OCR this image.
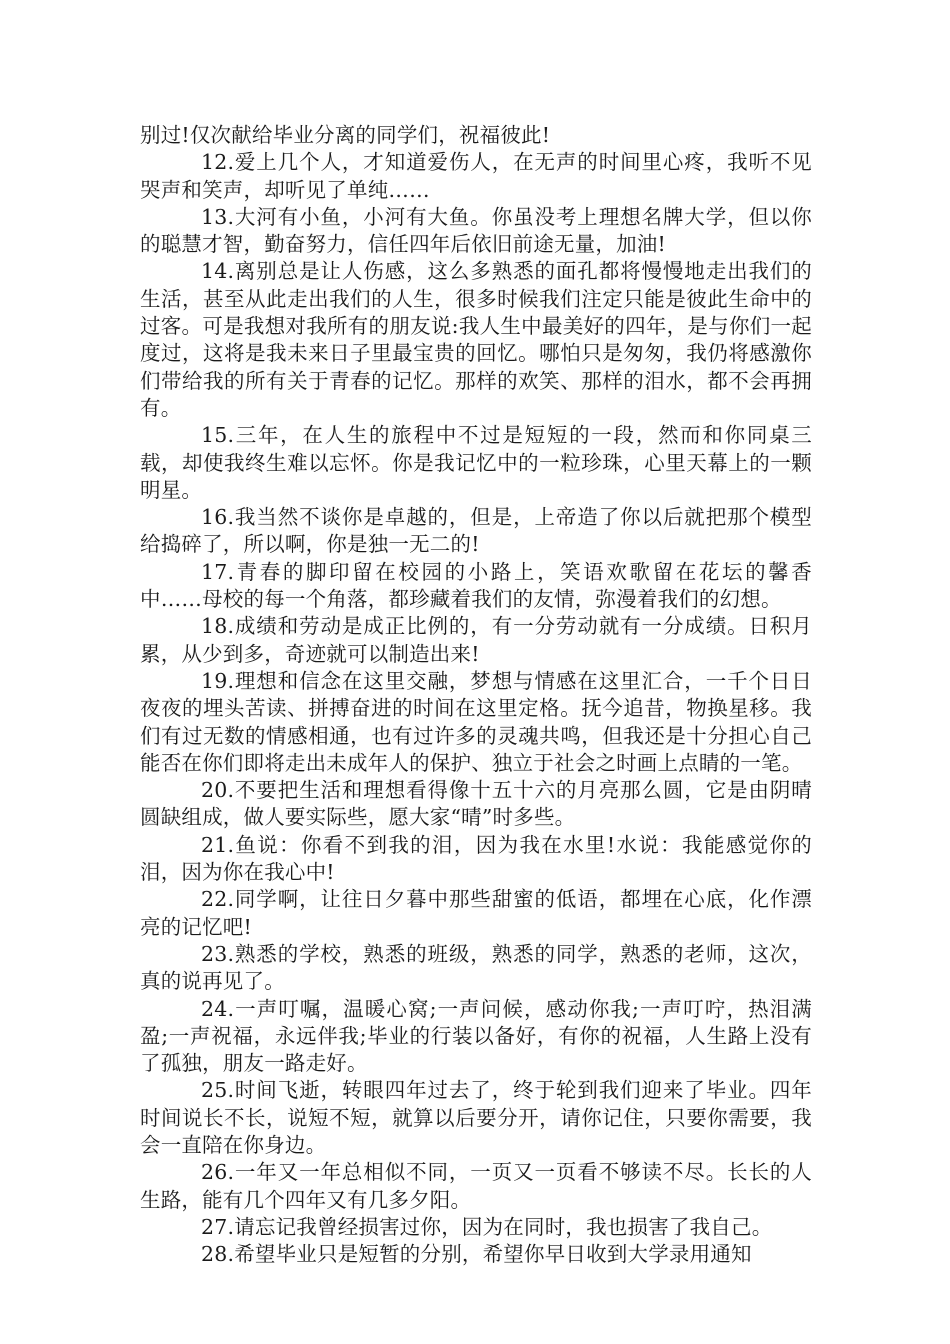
别过!仅次献给毕业分离的同学们，祝福彼此!

12.爱上几个人，才知道爱伤人，在无声的时间里心疼，我听不见哭声和笑声，却听见了单纯……

13.大河有小鱼，小河有大鱼。你虽没考上理想名牌大学，但以你的聪慧才智，勤奋努力，信任四年后依旧前途无量，加油!

14.离别总是让人伤感，这么多熟悉的面孔都将慢慢地走出我们的生活，甚至从此走出我们的人生，很多时候我们注定只能是彼此生命中的过客。可是我想对我所有的朋友说:我人生中最美好的四年，是与你们一起度过，这将是我未来日子里最宝贵的回忆。哪怕只是匆匆，我仍将感激你们带给我的所有关于青春的记忆。那样的欢笑、那样的泪水，都不会再拥有。

15.三年，在人生的旅程中不过是短短的一段，然而和你同桌三载，却使我终生难以忘怀。你是我记忆中的一粒珍珠，心里天幕上的一颗明星。

16.我当然不谈你是卓越的，但是，上帝造了你以后就把那个模型给捣碎了，所以啊，你是独一无二的!

17.青春的脚印留在校园的小路上，笑语欢歌留在花坛的馨香中……母校的每一个角落，都珍藏着我们的友情，弥漫着我们的幻想。

18.成绩和劳动是成正比例的，有一分劳动就有一分成绩。日积月累，从少到多，奇迹就可以制造出来!

19.理想和信念在这里交融，梦想与情感在这里汇合，一千个日日夜夜的埋头苦读、拼搏奋进的时间在这里定格。抚今追昔，物换星移。我们有过无数的情感相通，也有过许多的灵魂共鸣，但我还是十分担心自己能否在你们即将走出未成年人的保护、独立于社会之时画上点睛的一笔。

20.不要把生活和理想看得像十五十六的月亮那么圆，它是由阴晴圆缺组成，做人要实际些，愿大家“晴”时多些。

21.鱼说：你看不到我的泪，因为我在水里!水说：我能感觉你的泪，因为你在我心中!

22.同学啊，让往日夕暮中那些甜蜜的低语，都埋在心底，化作漂亮的记忆吧!

23.熟悉的学校，熟悉的班级，熟悉的同学，熟悉的老师，这次，真的说再见了。

24.一声叮嘱，温暖心窝;一声问候，感动你我;一声叮咛，热泪满盈;一声祝福，永远伴我;毕业的行装以备好，有你的祝福，人生路上没有了孤独，朋友一路走好。

25.时间飞逝，转眼四年过去了，终于轮到我们迎来了毕业。四年时间说长不长，说短不短，就算以后要分开，请你记住，只要你需要，我会一直陪在你身边。

26.一年又一年总相似不同，一页又一页看不够读不尽。长长的人生路，能有几个四年又有几多夕阳。

27.请忘记我曾经损害过你，因为在同时，我也损害了我自己。

28.希望毕业只是短暂的分别，希望你早日收到大学录用通知
